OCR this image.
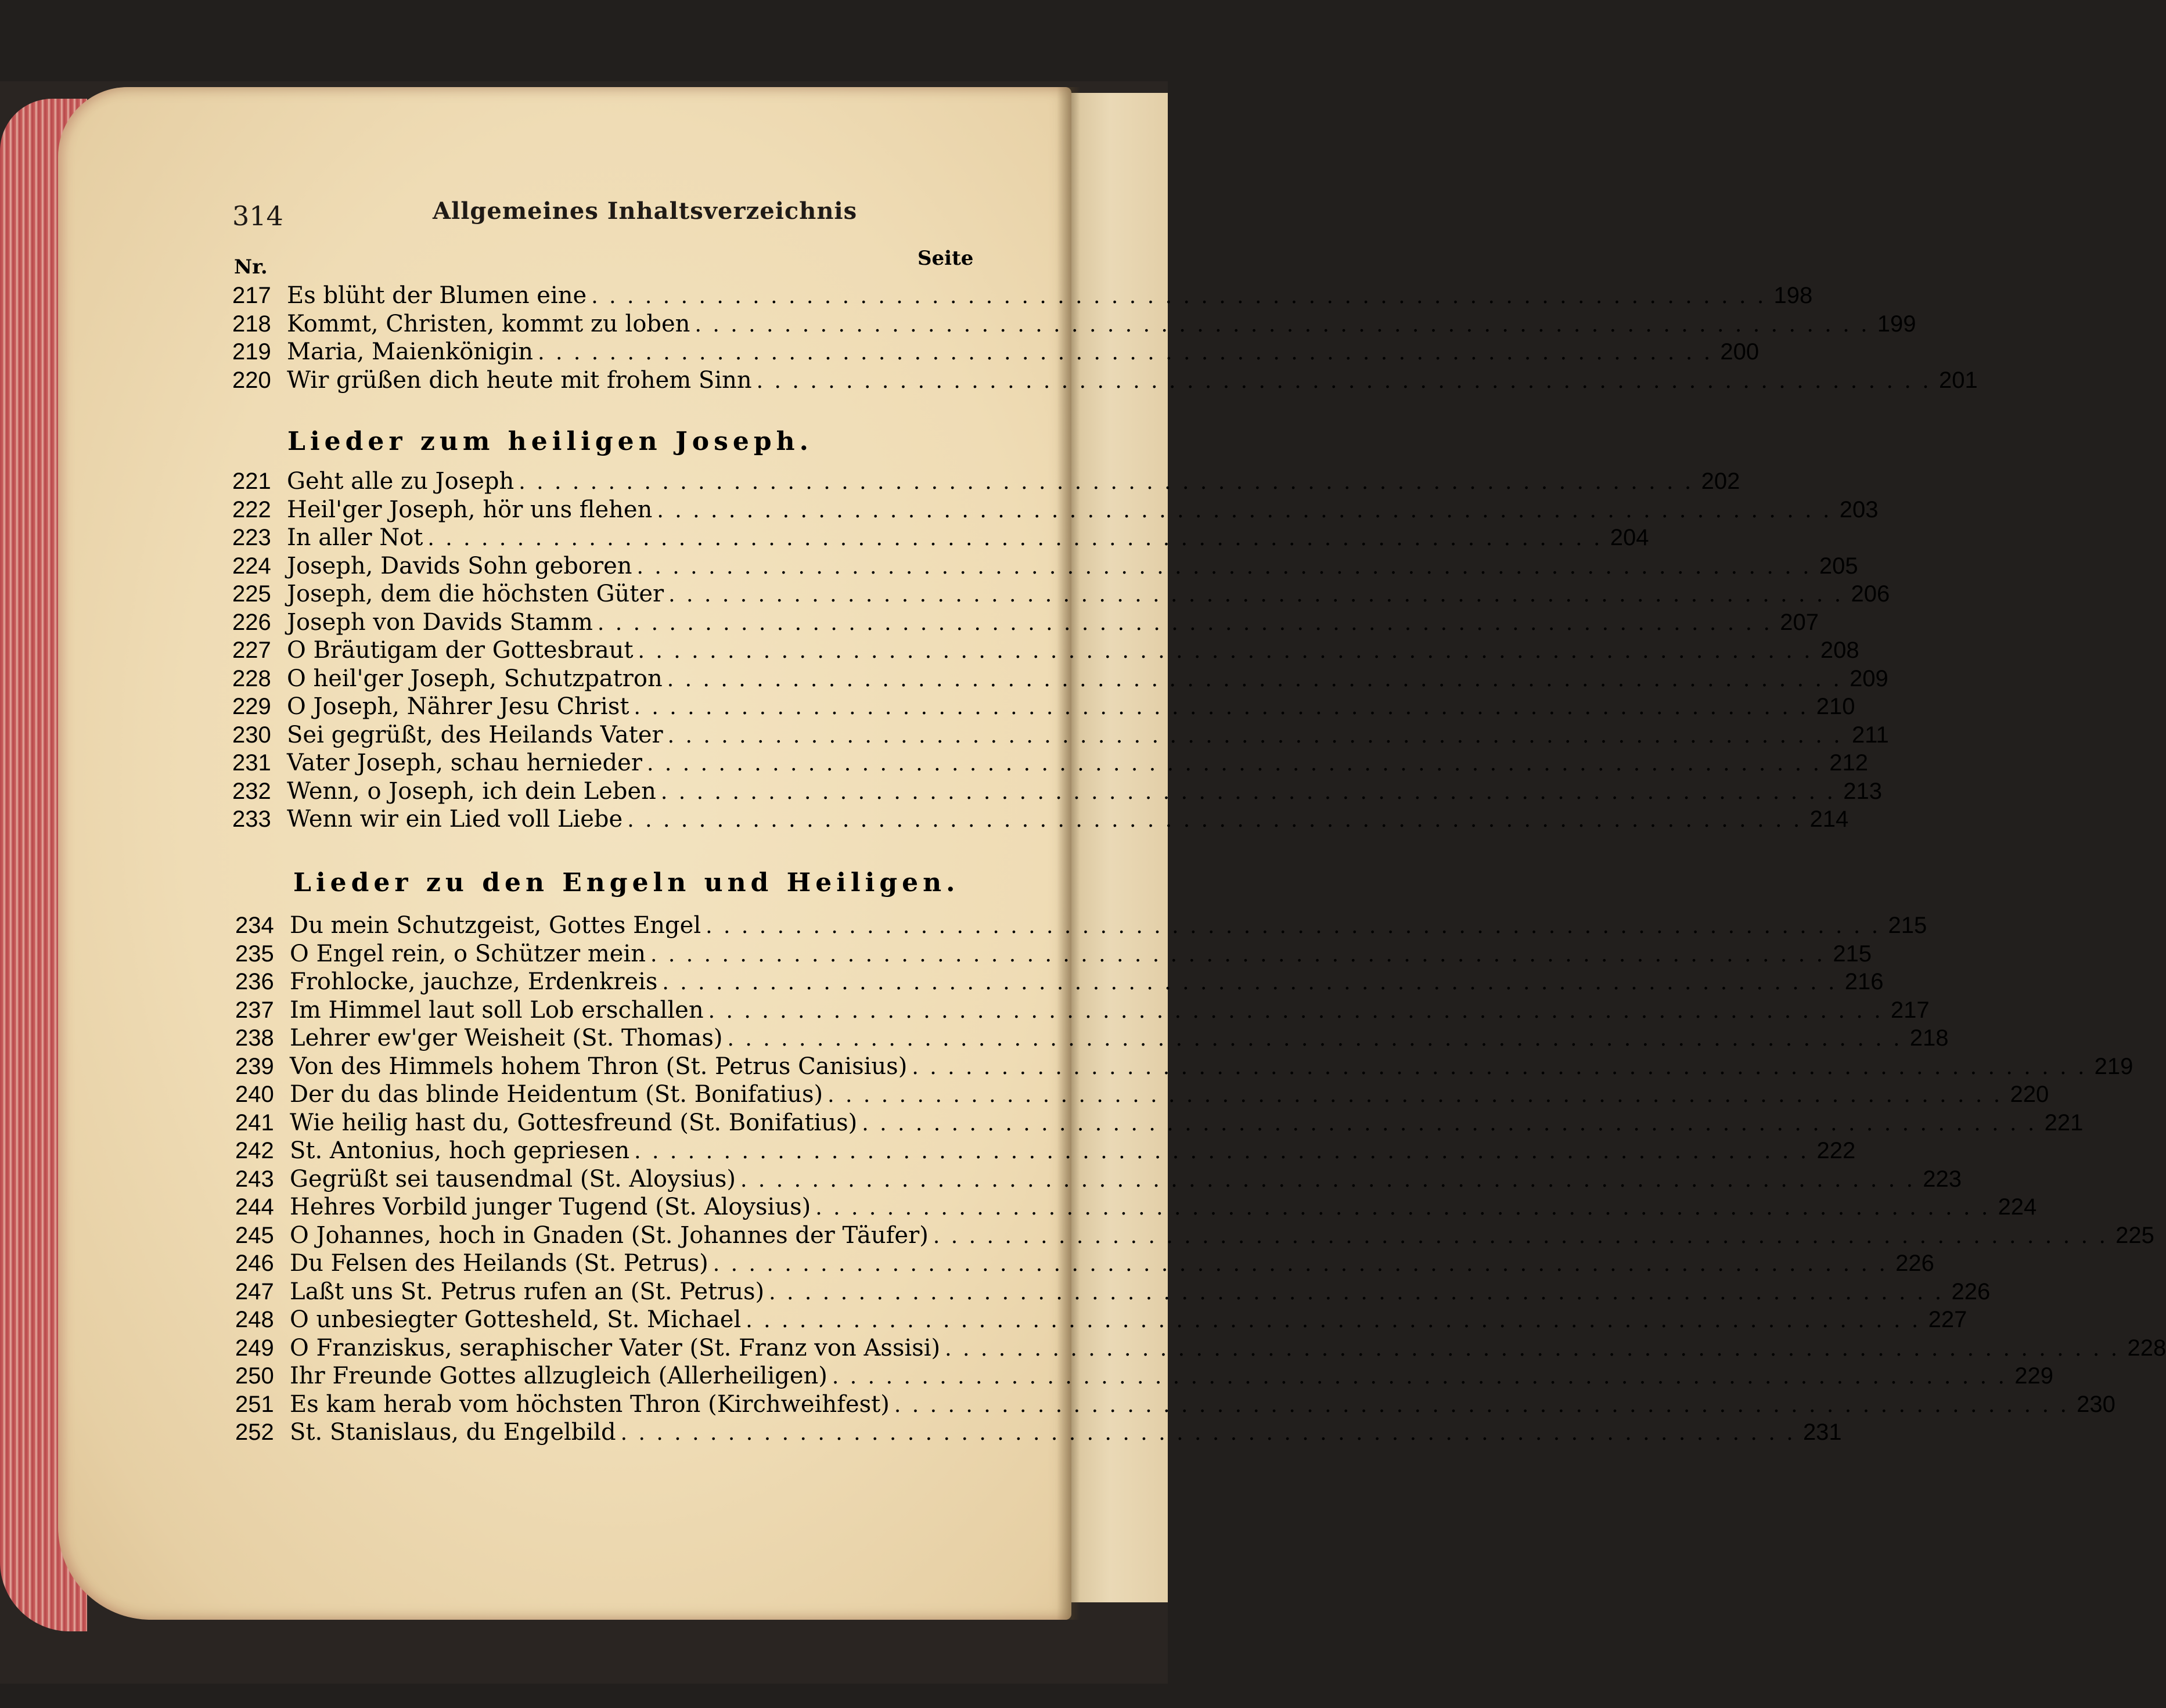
314	Allgemeines Inhaltsverzeichnis
Nr.	Seite
217 Es blüht der Blumen eine . . .	198
218 Kommt, Christen, kommt zu loben . . .	199
219 Maria, Maienkönigin . . .	200
220 Wir grüßen dich heute mit frohem Sinn . . .	201
Lieder zum heiligen Joseph.
221 Geht alle zu Joseph . . .	202
222 Heil'ger Joseph, hör uns flehen . . .	203
223 In aller Not . . .	204
224 Joseph, Davids Sohn geboren . . .	205
225 Joseph, dem die höchsten Güter . . .	206
226 Joseph von Davids Stamm . . .	207
227 O Bräutigam der Gottesbraut . . .	208
228 O heil'ger Joseph, Schutzpatron . . .	209
229 O Joseph, Nährer Jesu Christ . . .	210
230 Sei gegrüßt, des Heilands Vater . . .	211
231 Vater Joseph, schau hernieder . . .	212
232 Wenn, o Joseph, ich dein Leben . . .	213
233 Wenn wir ein Lied voll Liebe . . .	214
Lieder zu den Engeln und Heiligen.
234 Du mein Schutzgeist, Gottes Engel . . .	215
235 O Engel rein, o Schützer mein . . .	215
236 Frohlocke, jauchze, Erdenkreis . . .	216
237 Im Himmel laut soll Lob erschallen . . .	217
238 Lehrer ew'ger Weisheit (St. Thomas) . . .	218
239 Von des Himmels hohem Thron (St. Petrus Canisius) . . .	219
240 Der du das blinde Heidentum (St. Bonifatius) . . .	220
241 Wie heilig hast du, Gottesfreund (St. Bonifatius) . . .	221
242 St. Antonius, hoch gepriesen . . .	222
243 Gegrüßt sei tausendmal (St. Aloysius) . . .	223
244 Hehres Vorbild junger Tugend (St. Aloysius) . . .	224
245 O Johannes, hoch in Gnaden (St. Johannes der Täufer) . . .	225
246 Du Felsen des Heilands (St. Petrus) . . .	226
247 Laßt uns St. Petrus rufen an (St. Petrus) . . .	226
248 O unbesiegter Gottesheld, St. Michael . . .	227
249 O Franziskus, seraphischer Vater (St. Franz von Assisi) . . .	228
250 Ihr Freunde Gottes allzugleich (Allerheiligen) . . .	229
251 Es kam herab vom höchsten Thron (Kirchweihfest) . . .	230
252 St. Stanislaus, du Engelbild . . .	231
